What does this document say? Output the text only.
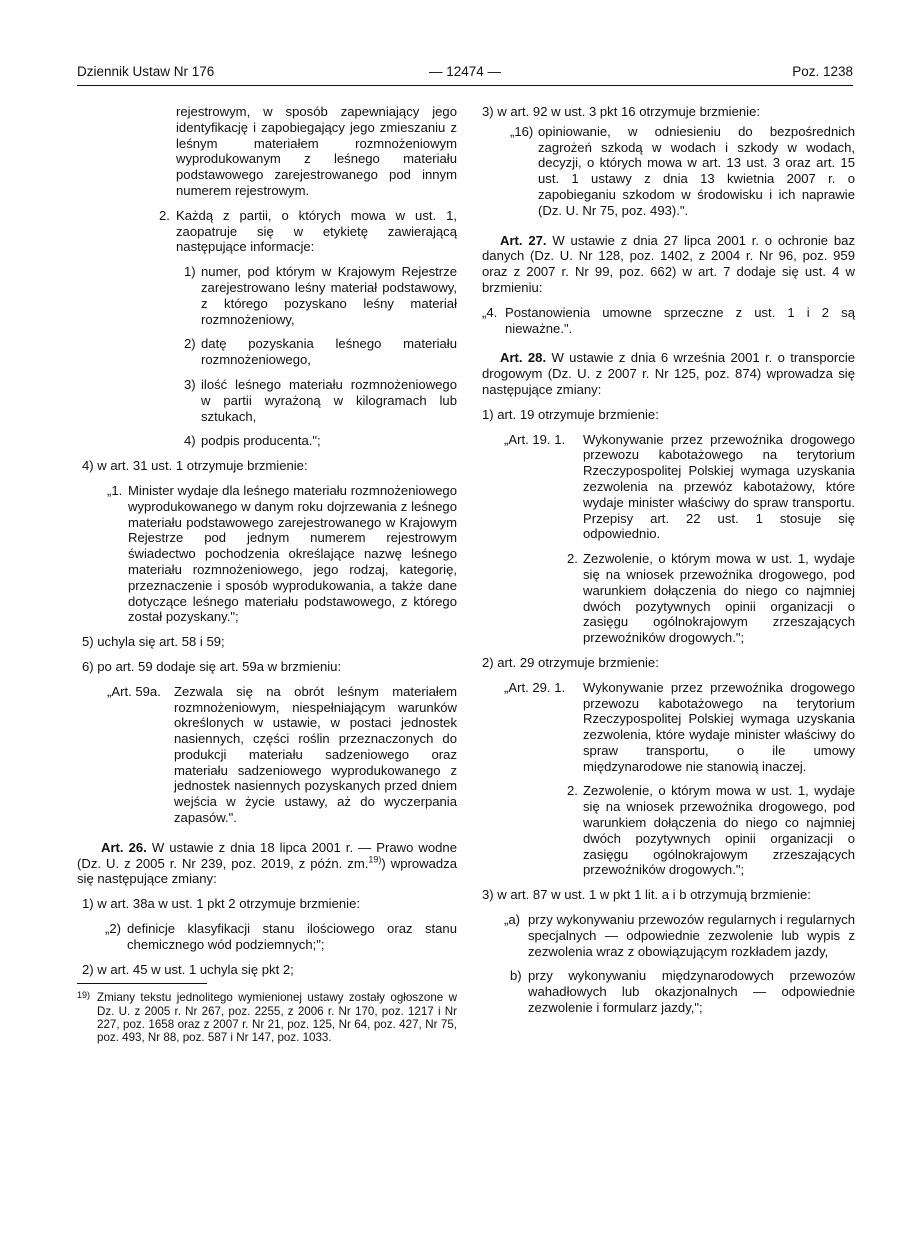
Dziennik Ustaw Nr 176	— 12474 —	Poz. 1238

rejestrowym, w sposób zapewniający jego identyfikację i zapobiegający jego zmieszaniu z leśnym materiałem rozmnożeniowym wyprodukowanym z leśnego materiału podstawowego zarejestrowanego pod innym numerem rejestrowym.

2. Każdą z partii, o których mowa w ust. 1, zaopatruje się w etykietę zawierającą następujące informacje:
1) numer, pod którym w Krajowym Rejestrze zarejestrowano leśny materiał podstawowy, z którego pozyskano leśny materiał rozmnożeniowy,
2) datę pozyskania leśnego materiału rozmnożeniowego,
3) ilość leśnego materiału rozmnożeniowego w partii wyrażoną w kilogramach lub sztukach,
4) podpis producenta.";

4) w art. 31 ust. 1 otrzymuje brzmienie:

„1. Minister wydaje dla leśnego materiału rozmnożeniowego wyprodukowanego w danym roku dojrzewania z leśnego materiału podstawowego zarejestrowanego w Krajowym Rejestrze pod jednym numerem rejestrowym świadectwo pochodzenia określające nazwę leśnego materiału rozmnożeniowego, jego rodzaj, kategorię, przeznaczenie i sposób wyprodukowania, a także dane dotyczące leśnego materiału podstawowego, z którego został pozyskany.";

5) uchyla się art. 58 i 59;

6) po art. 59 dodaje się art. 59a w brzmieniu:

„Art. 59a. Zezwala się na obrót leśnym materiałem rozmnożeniowym, niespełniającym warunków określonych w ustawie, w postaci jednostek nasiennych, części roślin przeznaczonych do produkcji materiału sadzeniowego oraz materiału sadzeniowego wyprodukowanego z jednostek nasiennych pozyskanych przed dniem wejścia w życie ustawy, aż do wyczerpania zapasów.".

Art. 26. W ustawie z dnia 18 lipca 2001 r. — Prawo wodne (Dz. U. z 2005 r. Nr 239, poz. 2019, z późn. zm.$^{19)}$) wprowadza się następujące zmiany:

1) w art. 38a w ust. 1 pkt 2 otrzymuje brzmienie:

„2) definicje klasyfikacji stanu ilościowego oraz stanu chemicznego wód podziemnych;";

2) w art. 45 w ust. 1 uchyla się pkt 2;

19) Zmiany tekstu jednolitego wymienionej ustawy zostały ogłoszone w Dz. U. z 2005 r. Nr 267, poz. 2255, z 2006 r. Nr 170, poz. 1217 i Nr 227, poz. 1658 oraz z 2007 r. Nr 21, poz. 125, Nr 64, poz. 427, Nr 75, poz. 493, Nr 88, poz. 587 i Nr 147, poz. 1033.

3) w art. 92 w ust. 3 pkt 16 otrzymuje brzmienie:

„16) opiniowanie, w odniesieniu do bezpośrednich zagrożeń szkodą w wodach i szkody w wodach, decyzji, o których mowa w art. 13 ust. 3 oraz art. 15 ust. 1 ustawy z dnia 13 kwietnia 2007 r. o zapobieganiu szkodom w środowisku i ich naprawie (Dz. U. Nr 75, poz. 493).".

Art. 27. W ustawie z dnia 27 lipca 2001 r. o ochronie baz danych (Dz. U. Nr 128, poz. 1402, z 2004 r. Nr 96, poz. 959 oraz z 2007 r. Nr 99, poz. 662) w art. 7 dodaje się ust. 4 w brzmieniu:

„4. Postanowienia umowne sprzeczne z ust. 1 i 2 są nieważne.".

Art. 28. W ustawie z dnia 6 września 2001 r. o transporcie drogowym (Dz. U. z 2007 r. Nr 125, poz. 874) wprowadza się następujące zmiany:

1) art. 19 otrzymuje brzmienie:

„Art. 19. 1. Wykonywanie przez przewoźnika drogowego przewozu kabotażowego na terytorium Rzeczypospolitej Polskiej wymaga uzyskania zezwolenia na przewóz kabotażowy, które wydaje minister właściwy do spraw transportu. Przepisy art. 22 ust. 1 stosuje się odpowiednio.
2. Zezwolenie, o którym mowa w ust. 1, wydaje się na wniosek przewoźnika drogowego, pod warunkiem dołączenia do niego co najmniej dwóch pozytywnych opinii organizacji o zasięgu ogólnokrajowym zrzeszających przewoźników drogowych.";

2) art. 29 otrzymuje brzmienie:

„Art. 29. 1. Wykonywanie przez przewoźnika drogowego przewozu kabotażowego na terytorium Rzeczypospolitej Polskiej wymaga uzyskania zezwolenia, które wydaje minister właściwy do spraw transportu, o ile umowy międzynarodowe nie stanowią inaczej.
2. Zezwolenie, o którym mowa w ust. 1, wydaje się na wniosek przewoźnika drogowego, pod warunkiem dołączenia do niego co najmniej dwóch pozytywnych opinii organizacji o zasięgu ogólnokrajowym zrzeszających przewoźników drogowych.";

3) w art. 87 w ust. 1 w pkt 1 lit. a i b otrzymują brzmienie:

„a) przy wykonywaniu przewozów regularnych i regularnych specjalnych — odpowiednie zezwolenie lub wypis z zezwolenia wraz z obowiązującym rozkładem jazdy,
b) przy wykonywaniu międzynarodowych przewozów wahadłowych lub okazjonalnych — odpowiednie zezwolenie i formularz jazdy,";
